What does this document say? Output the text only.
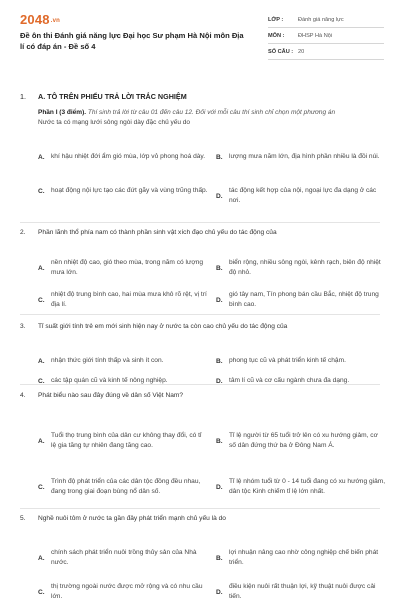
2048.vn
Đề ôn thi Đánh giá năng lực Đại học Sư phạm Hà Nội môn Địa lí có đáp án - Đề số 4
LỚP :	Đánh giá năng lực
MÔN :	ĐHSP Hà Nội
SỐ CÂU : 20
1. A. TÔ TRÊN PHIẾU TRẢ LỜI TRẮC NGHIỆM
Phần I (3 điểm). Thí sinh trả lời từ câu 01 đến câu 12. Đối với mỗi câu thí sinh chỉ chọn một phương án
Nước ta có mạng lưới sông ngòi dày đặc chủ yếu do
A. khí hậu nhiệt đới ẩm gió mùa, lớp vỏ phong hoá dày. B. lượng mưa năm lớn, địa hình phần nhiều là đồi núi.
C. hoạt động nội lực tạo các đứt gãy và vùng trũng thấp.
D.
tác động kết hợp của nội, ngoại lực đa dạng ở các nơi.
2.	Phần lãnh thổ phía nam có thành phần sinh vật xích đạo chủ yếu do tác động của
A.
nền nhiệt độ cao, gió theo mùa, trong năm có lượng mưa lớn.
B.
biển rộng, nhiều sông ngòi, kênh rạch, biên độ nhiệt độ nhỏ.
C.
nhiệt độ trung bình cao, hai mùa mưa khô rõ rệt, vị trí địa lí.
D.
gió tây nam, Tín phong bán cầu Bắc, nhiệt độ trung bình cao.
3.	Tỉ suất giới tính trẻ em mới sinh hiện nay ở nước ta còn cao chủ yếu do tác động của
A. nhận thức giới tính thấp và sinh ít con.	B. phong tục cũ và phát triển kinh tế chậm.
C. các tập quán cũ và kinh tế nông nghiệp.	D. tâm lí cũ và cơ cấu ngành chưa đa dạng.
4.	Phát biểu nào sau đây đúng về dân số Việt Nam?
A.
Tuổi thọ trung bình của dân cư không thay đổi, có tỉ lệ gia tăng tự nhiên đang tăng cao.
B.
Tỉ lệ người từ 65 tuổi trở lên có xu hướng giảm, cơ số dân đứng thứ ba ở Đông Nam Á.
C.
Trình độ phát triển của các dân tộc đồng đều nhau, đang trong giai đoạn bùng nổ dân số.
D.
Tỉ lệ nhóm tuổi từ 0 - 14 tuổi đang có xu hướng giảm, dân tộc Kinh chiếm tỉ lệ lớn nhất.
5.	Nghề nuôi tôm ở nước ta gần đây phát triển mạnh chủ yếu là do
A.
chính sách phát triển nuôi trồng thủy sản của Nhà nước.
B.
lợi nhuận nâng cao nhờ công nghiệp chế biến phát triển.
C.
thị trường ngoài nước được mở rộng và có nhu cầu lớn.
D.
điều kiện nuôi rất thuận lợi, kỹ thuật nuôi được cải tiến.
